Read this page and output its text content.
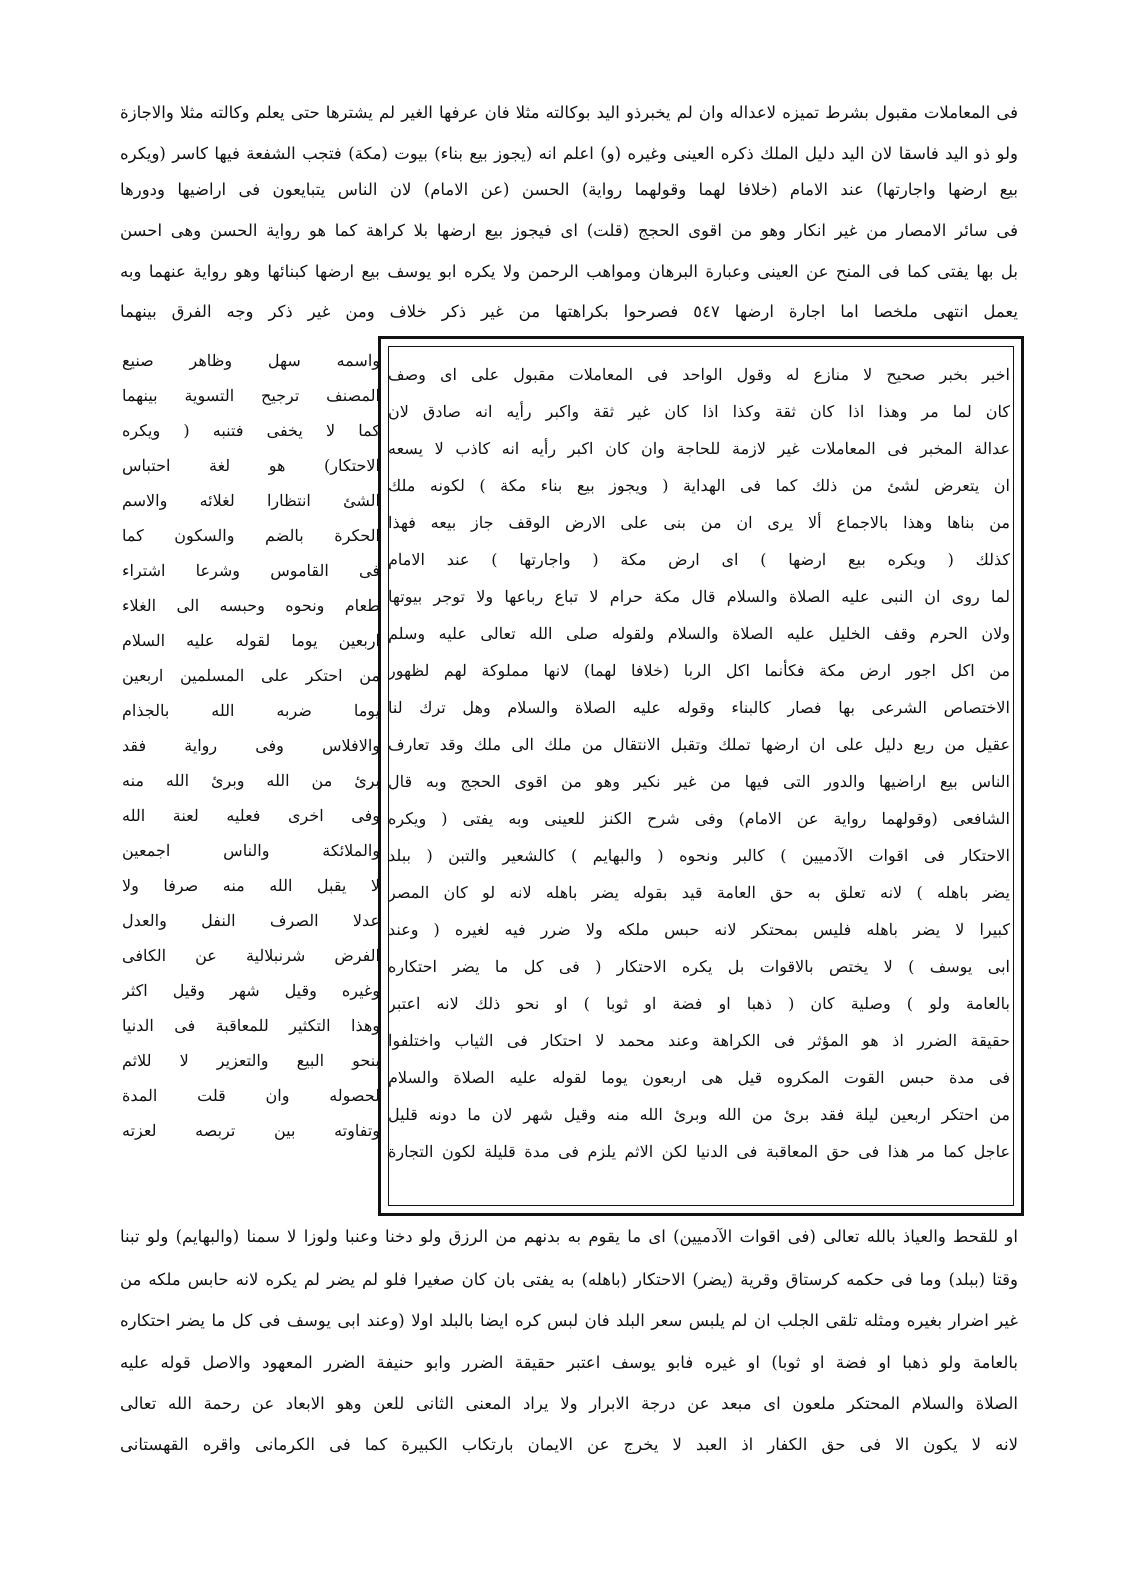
فى المعاملات مقبول بشرط تميزه لاعداله وان لم يخبرذو اليد بوكالته مثلا فان عرفها الغير لم يشترها حتى يعلم وكالته مثلا والاجازة
ولو ذو اليد فاسقا لان اليد دليل الملك ذكره العينى وغيره (و) اعلم انه (يجوز بيع بناء) بيوت (مكة) فتجب الشفعة فيها كاسر (ويكره
بيع ارضها واجارتها) عند الامام (خلافا لهما وقولهما رواية) الحسن (عن الامام) لان الناس يتبايعون فى اراضيها ودورها
فى سائر الامصار من غير انكار وهو من اقوى الحجج (قلت) اى فيجوز بيع ارضها بلا كراهة كما هو رواية الحسن وهى احسن
بل بها يفتى كما فى المنح عن العينى وعبارة البرهان ومواهب الرحمن ولا يكره ابو يوسف بيع ارضها كبنائها وهو رواية عنهما وبه
يعمل انتهى ملخصا اما اجارة ارضها ٥٤٧ فصرحوا بكراهتها من غير ذكر خلاف ومن غير ذكر وجه الفرق بينهما
اخبر بخبر صحيح لا منازع له وقول الواحد فى المعاملات مقبول على اى وصف
كان لما مر وهذا اذا كان ثقة وكذا اذا كان غير ثقة واكبر رأيه انه صادق لان
عدالة المخبر فى المعاملات غير لازمة للحاجة وان كان اكبر رأيه انه كاذب لا يسعه
ان يتعرض لشئ من ذلك كما فى الهداية ( ويجوز بيع بناء مكة ) لكونه ملك
من بناها وهذا بالاجماع ألا يرى ان من بنى على الارض الوقف جاز بيعه فهذا
كذلك ( ويكره بيع ارضها ) اى ارض مكة ( واجارتها ) عند الامام
لما روى ان النبى عليه الصلاة والسلام قال مكة حرام لا تباع رباعها ولا توجر بيوتها
ولان الحرم وقف الخليل عليه الصلاة والسلام ولقوله صلى الله تعالى عليه وسلم
من اكل اجور ارض مكة فكأنما اكل الربا (خلافا لهما) لانها مملوكة لهم لظهور
الاختصاص الشرعى بها فصار كالبناء وقوله عليه الصلاة والسلام وهل ترك لنا
عقيل من ربع دليل على ان ارضها تملك وتقبل الانتقال من ملك الى ملك وقد تعارف
الناس بيع اراضيها والدور التى فيها من غير نكير وهو من اقوى الحجج وبه قال
الشافعى (وقولهما رواية عن الامام) وفى شرح الكنز للعينى وبه يفتى ( ويكره
الاحتكار فى اقوات الآدميين ) كالبر ونحوه ( والبهايم ) كالشعير والتبن ( ببلد
يضر باهله ) لانه تعلق به حق العامة قيد بقوله يضر باهله لانه لو كان المصر
كبيرا لا يضر باهله فليس بمحتكر لانه حبس ملكه ولا ضرر فيه لغيره ( وعند
ابى يوسف ) لا يختص بالاقوات بل يكره الاحتكار ( فى كل ما يضر احتكاره
بالعامة ولو ) وصلية كان ( ذهبا او فضة او ثوبا ) او نحو ذلك لانه اعتبر
حقيقة الضرر اذ هو المؤثر فى الكراهة وعند محمد لا احتكار فى الثياب واختلفوا
فى مدة حبس القوت المكروه قيل هى اربعون يوما لقوله عليه الصلاة والسلام
من احتكر اربعين ليلة فقد برئ من الله وبرئ الله منه وقيل شهر لان ما دونه قليل
عاجل كما مر هذا فى حق المعاقبة فى الدنيا لكن الاثم يلزم فى مدة قليلة لكون التجارة
واسمه سهل وظاهر صنيع
المصنف ترجيح التسوية بينهما
كما لا يخفى فتنبه ( ويكره
الاحتكار) هو لغة احتباس
الشئ انتظارا لغلائه والاسم
الحكرة بالضم والسكون كما
فى القاموس وشرعا اشتراء
طعام ونحوه وحبسه الى الغلاء
اربعين يوما لقوله عليه السلام
من احتكر على المسلمين اربعين
يوما ضربه الله بالجذام
والافلاس وفى رواية فقد
برئ من الله وبرئ الله منه
وفى اخرى فعليه لعنة الله
والملائكة والناس اجمعين
لا يقبل الله منه صرفا ولا
عدلا الصرف النفل والعدل
الفرض شرنبلالية عن الكافى
وغيره وقيل شهر وقيل اكثر
وهذا التكثير للمعاقبة فى الدنيا
بنحو البيع والتعزير لا للاثم
لحصوله وان قلت المدة
وتفاوته بين تربصه لعزته
او للقحط والعياذ بالله تعالى (فى اقوات الآدميين) اى ما يقوم به بدنهم من الرزق ولو دخنا وعنبا ولوزا لا سمنا (والبهايم) ولو تبنا
وقتا (ببلد) وما فى حكمه كرستاق وقرية (يضر) الاحتكار (باهله) به يفتى بان كان صغيرا فلو لم يضر لم يكره لانه حابس ملكه من
غير اضرار بغيره ومثله تلقى الجلب ان لم يلبس سعر البلد فان لبس كره ايضا بالبلد اولا (وعند ابى يوسف فى كل ما يضر احتكاره
بالعامة ولو ذهبا او فضة او ثوبا) او غيره فابو يوسف اعتبر حقيقة الضرر وابو حنيفة الضرر المعهود والاصل قوله عليه
الصلاة والسلام المحتكر ملعون اى مبعد عن درجة الابرار ولا يراد المعنى الثانى للعن وهو الابعاد عن رحمة الله تعالى
لانه لا يكون الا فى حق الكفار اذ العبد لا يخرج عن الايمان بارتكاب الكبيرة كما فى الكرمانى واقره القهستانى
